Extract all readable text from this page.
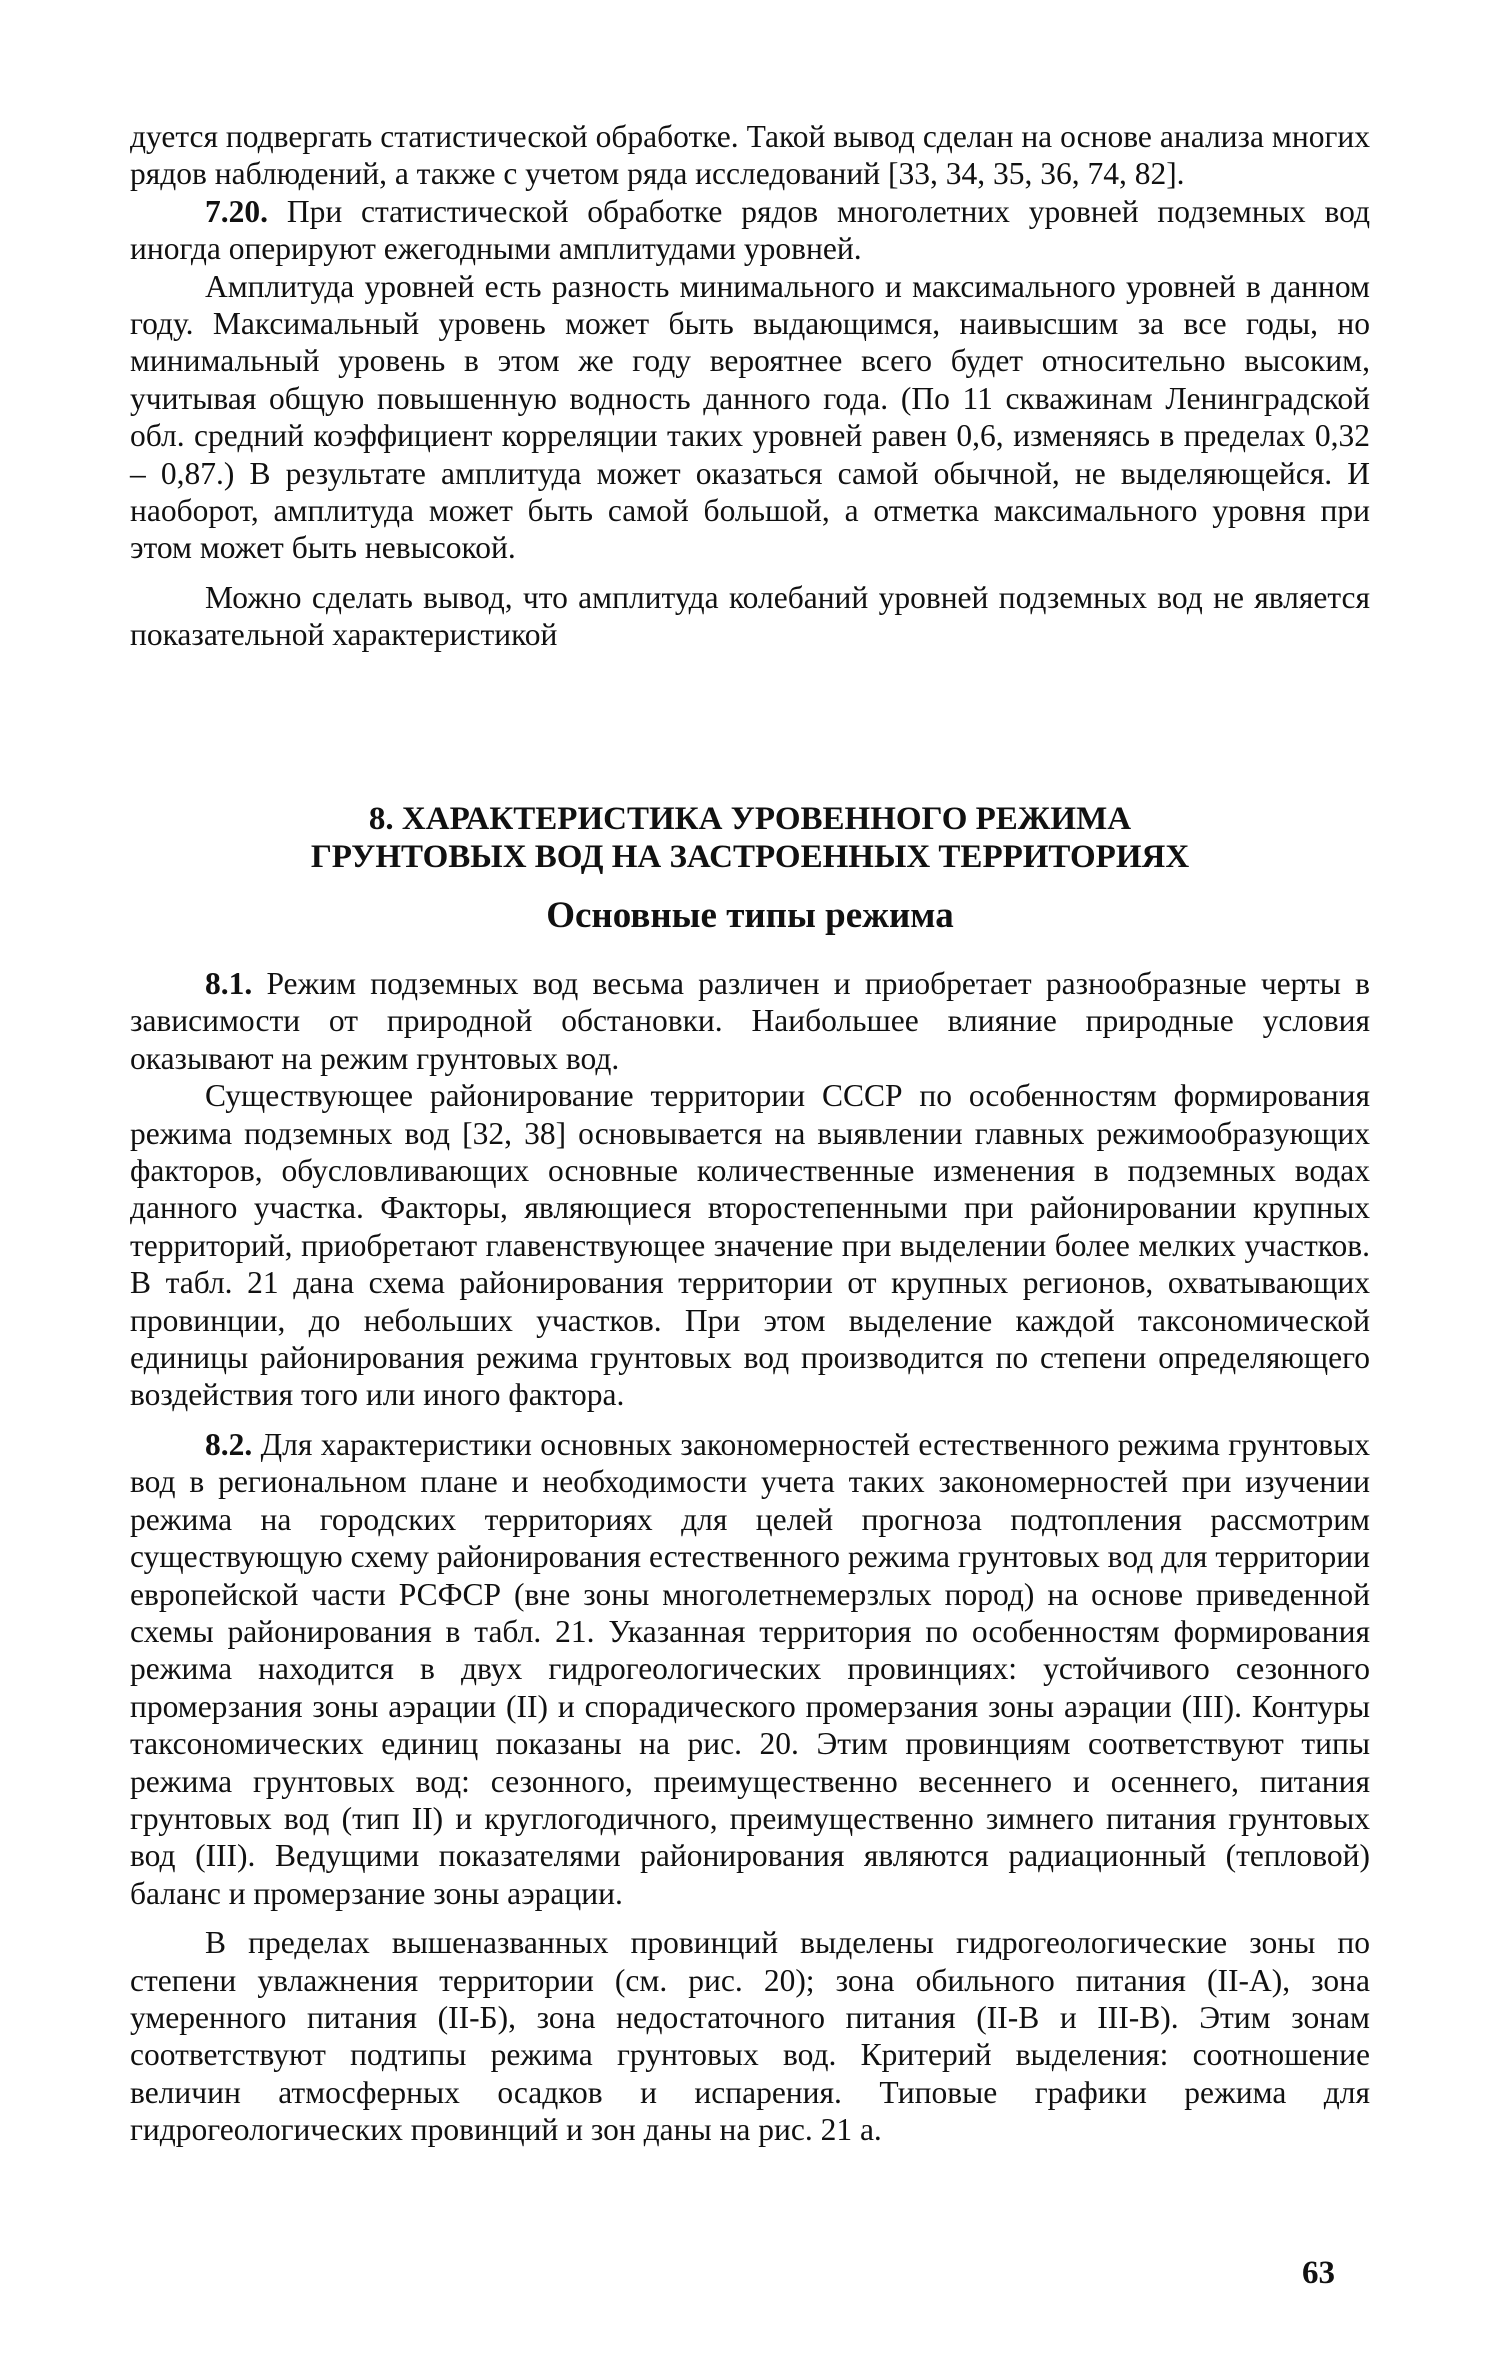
дуется подвергать статистической обработке. Такой вывод сделан на основе анализа многих рядов наблюдений, а также с учетом ряда исследований [33, 34, 35, 36, 74, 82].

7.20. При статистической обработке рядов многолетних уровней подземных вод иногда оперируют ежегодными амплитудами уровней.

Амплитуда уровней есть разность минимального и максимального уровней в данном году. Максимальный уровень может быть выдающимся, наивысшим за все годы, но минимальный уровень в этом же году вероятнее всего будет относительно высоким, учитывая общую повышенную водность данного года. (По 11 скважинам Ленинградской обл. средний коэффициент корреляции таких уровней равен 0,6, изменяясь в пределах 0,32 – 0,87.) В результате амплитуда может оказаться самой обычной, не выделяющейся. И наоборот, амплитуда может быть самой большой, а отметка максимального уровня при этом может быть невысокой.

Можно сделать вывод, что амплитуда колебаний уровней подземных вод не является показательной характеристикой

8. ХАРАКТЕРИСТИКА УРОВЕННОГО РЕЖИМА

ГРУНТОВЫХ ВОД НА ЗАСТРОЕННЫХ ТЕРРИТОРИЯХ

Основные типы режима

8.1. Режим подземных вод весьма различен и приобретает разнообразные черты в зависимости от природной обстановки. Наибольшее влияние природные условия оказывают на режим грунтовых вод.

Существующее районирование территории СССР по особенностям формирования режима подземных вод [32, 38] основывается на выявлении главных режимообразующих факторов, обусловливающих основные количественные изменения в подземных водах данного участка. Факторы, являющиеся второстепенными при районировании крупных территорий, приобретают главенствующее значение при выделении более мелких участков. В табл. 21 дана схема районирования территории от крупных регионов, охватывающих провинции, до небольших участков. При этом выделение каждой таксономической единицы районирования режима грунтовых вод производится по степени определяющего воздействия того или иного фактора.

8.2. Для характеристики основных закономерностей естественного режима грунтовых вод в региональном плане и необходимости учета таких закономерностей при изучении режима на городских территориях для целей прогноза подтопления рассмотрим существующую схему районирования естественного режима грунтовых вод для территории европейской части РСФСР (вне зоны многолетнемерзлых пород) на основе приведенной схемы районирования в табл. 21. Указанная территория по особенностям формирования режима находится в двух гидрогеологических провинциях: устойчивого сезонного промерзания зоны аэрации (II) и спорадического промерзания зоны аэрации (III). Контуры таксономических единиц показаны на рис. 20. Этим провинциям соответствуют типы режима грунтовых вод: сезонного, преимущественно весеннего и осеннего, питания грунтовых вод (тип II) и круглогодичного, преимущественно зимнего питания грунтовых вод (III). Ведущими показателями районирования являются радиационный (тепловой) баланс и промерзание зоны аэрации.

В пределах вышеназванных провинций выделены гидрогеологические зоны по степени увлажнения территории (см. рис. 20); зона обильного питания (II-А), зона умеренного питания (II-Б), зона недостаточного питания (II-В и III-В). Этим зонам соответствуют подтипы режима грунтовых вод. Критерий выделения: соотношение величин атмосферных осадков и испарения. Типовые графики режима для гидрогеологических провинций и зон даны на рис. 21 а.

63
